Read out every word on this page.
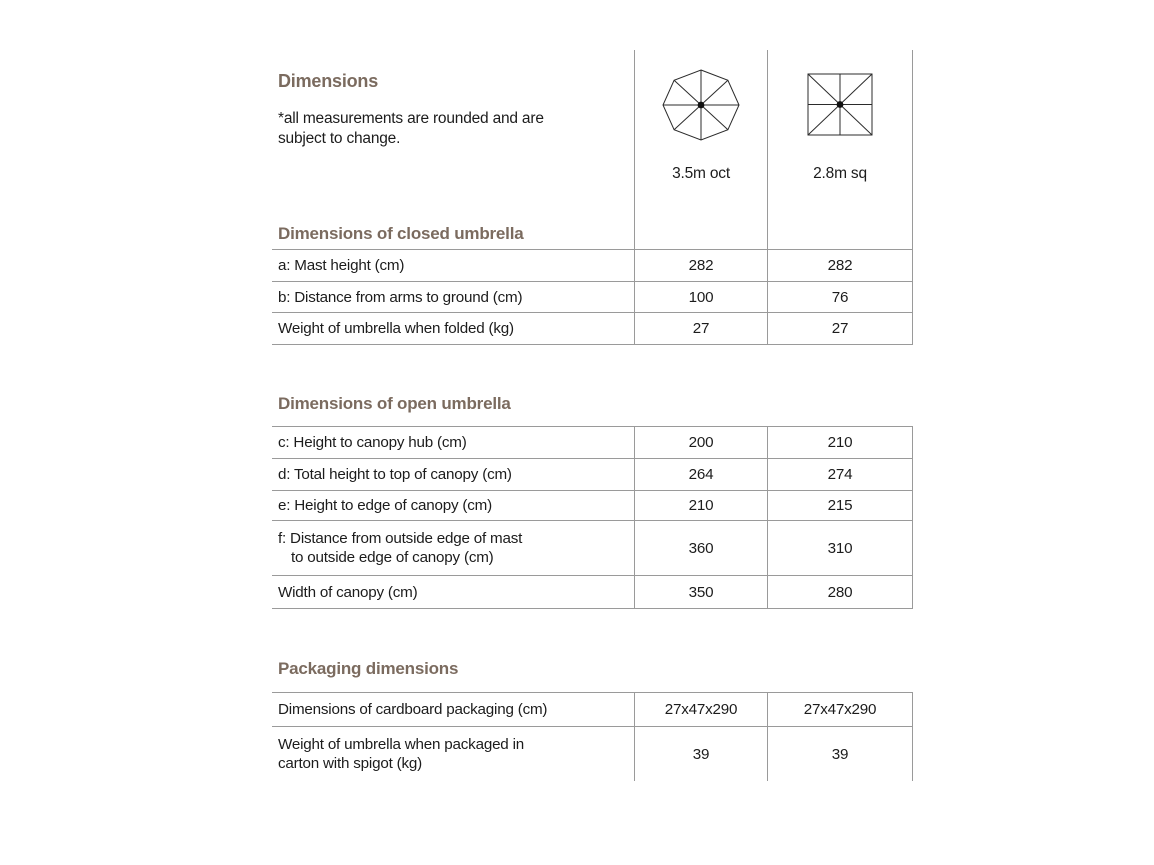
Dimensions
*all measurements are rounded and are subject to change.
Dimensions of closed umbrella
3.5m oct	2.8m sq
a: Mast height (cm)	282	282
b: Distance from arms to ground (cm)	100	76
Weight of umbrella when folded (kg)	27	27
Dimensions of open umbrella
c: Height to canopy hub (cm)	200	210
d: Total height to top of canopy (cm)	264	274
e: Height to edge of canopy (cm)	210	215
f: Distance from outside edge of mast
to outside edge of canopy (cm)
360	310
Width of canopy (cm)	350	280
Packaging dimensions
Dimensions of cardboard packaging (cm)	27x47x290	27x47x290
Weight of umbrella when packaged in
carton with spigot (kg)
39	39
